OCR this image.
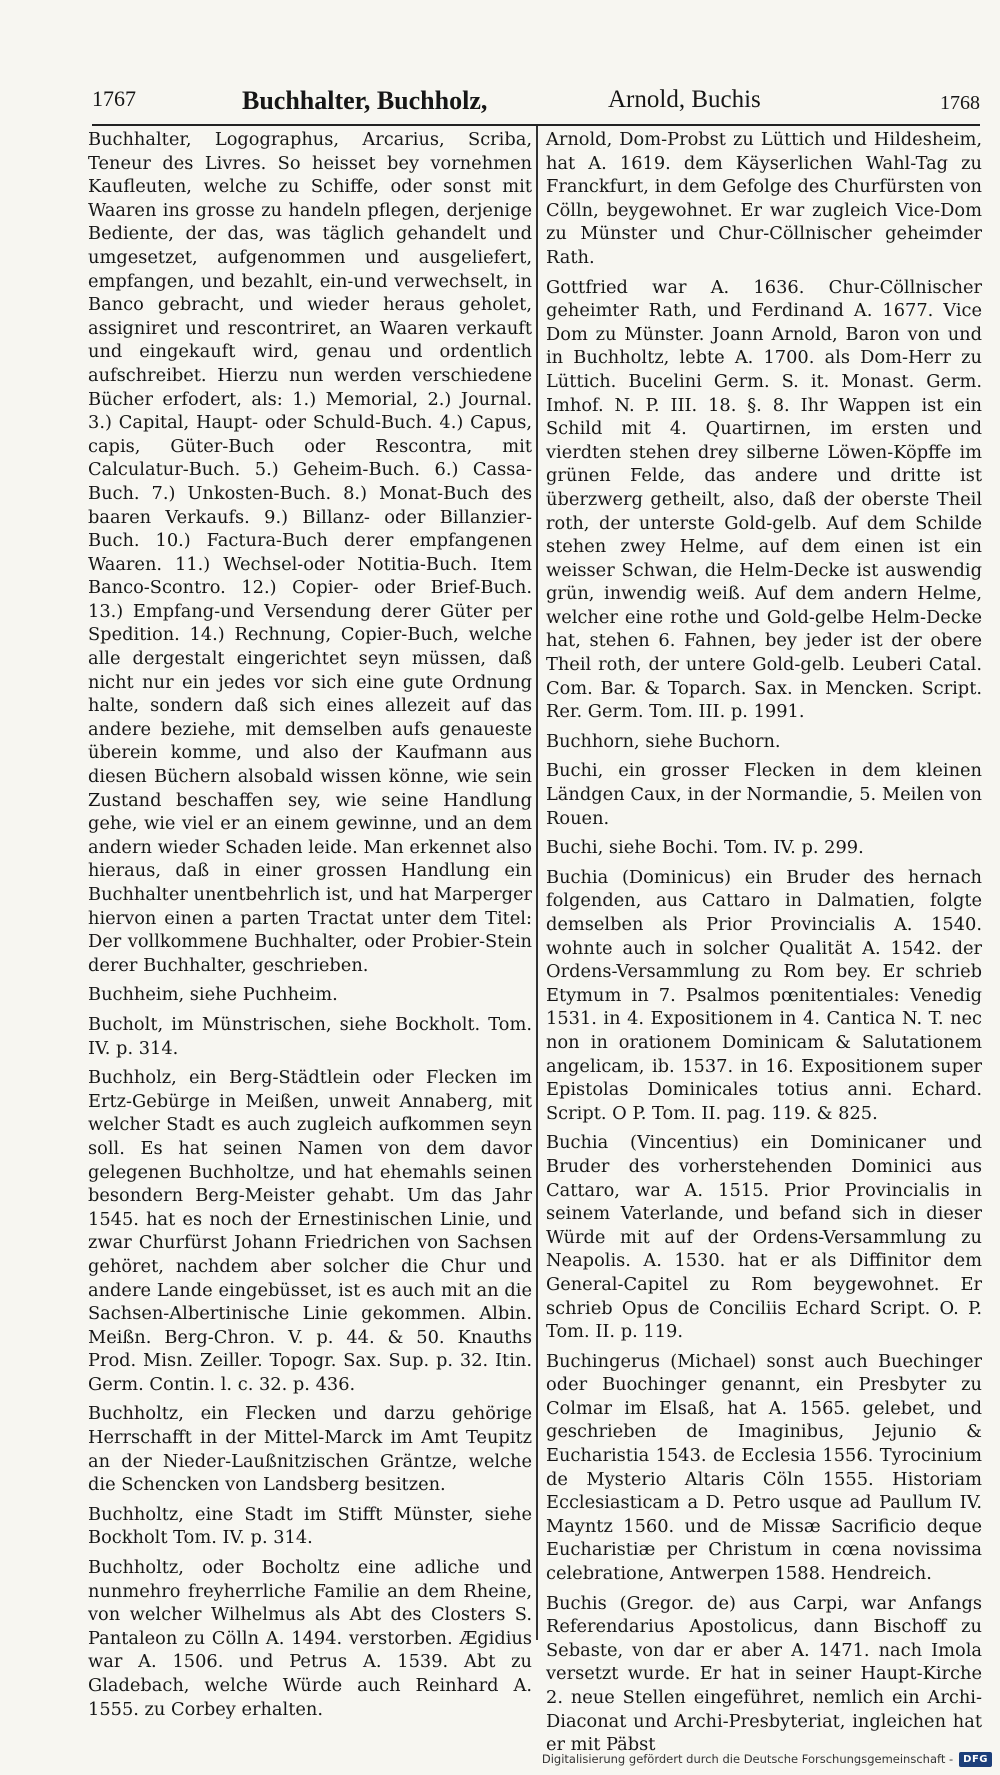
1767	Buchhalter, Buchholz,	Arnold, Buchis	1768

Buchhalter, Logographus, Arcarius, Scriba, Teneur des Livres. So heisset bey vornehmen Kaufleuten, welche zu Schiffe, oder sonst mit Waaren ins grosse zu handeln pflegen, derjenige Bediente, der das, was täglich gehandelt und umgesetzet, aufgenommen und ausgeliefert, empfangen, und bezahlt, ein-und verwechselt, in Banco gebracht, und wieder heraus geholet, assigniret und rescontriret, an Waaren verkauft und eingekauft wird, genau und ordentlich aufschreibet. Hierzu nun werden verschiedene Bücher erfodert, als: 1.) Memorial, 2.) Journal. 3.) Capital, Haupt- oder Schuld-Buch. 4.) Capus, capis, Güter-Buch oder Rescontra, mit Calculatur-Buch. 5.) Geheim-Buch. 6.) Cassa-Buch. 7.) Unkosten-Buch. 8.) Monat-Buch des baaren Verkaufs. 9.) Billanz- oder Billanzier-Buch. 10.) Factura-Buch derer empfangenen Waaren. 11.) Wechsel-oder Notitia-Buch. Item Banco-Scontro. 12.) Copier- oder Brief-Buch. 13.) Empfang-und Versendung derer Güter per Spedition. 14.) Rechnung, Copier-Buch, welche alle dergestalt eingerichtet seyn müssen, daß nicht nur ein jedes vor sich eine gute Ordnung halte, sondern daß sich eines allezeit auf das andere beziehe, mit demselben aufs genaueste überein komme, und also der Kaufmann aus diesen Büchern alsobald wissen könne, wie sein Zustand beschaffen sey, wie seine Handlung gehe, wie viel er an einem gewinne, und an dem andern wieder Schaden leide. Man erkennet also hieraus, daß in einer grossen Handlung ein Buchhalter unentbehrlich ist, und hat Marperger hiervon einen a parten Tractat unter dem Titel: Der vollkommene Buchhalter, oder Probier-Stein derer Buchhalter, geschrieben.

Buchheim, siehe Puchheim.

Bucholt, im Münstrischen, siehe Bockholt. Tom. IV. p. 314.

Buchholz, ein Berg-Städtlein oder Flecken im Ertz-Gebürge in Meißen, unweit Annaberg, mit welcher Stadt es auch zugleich aufkommen seyn soll. Es hat seinen Namen von dem davor gelegenen Buchholtze, und hat ehemahls seinen besondern Berg-Meister gehabt. Um das Jahr 1545. hat es noch der Ernestinischen Linie, und zwar Churfürst Johann Friedrichen von Sachsen gehöret, nachdem aber solcher die Chur und andere Lande eingebüsset, ist es auch mit an die Sachsen-Albertinische Linie gekommen. Albin. Meißn. Berg-Chron. V. p. 44. & 50. Knauths Prod. Misn. Zeiller. Topogr. Sax. Sup. p. 32. Itin. Germ. Contin. l. c. 32. p. 436.

Buchholtz, ein Flecken und darzu gehörige Herrschafft in der Mittel-Marck im Amt Teupitz an der Nieder-Laußnitzischen Gräntze, welche die Schencken von Landsberg besitzen.

Buchholtz, eine Stadt im Stifft Münster, siehe Bockholt Tom. IV. p. 314.

Buchholtz, oder Bocholtz eine adliche und nunmehro freyherrliche Familie an dem Rheine, von welcher Wilhelmus als Abt des Closters S. Pantaleon zu Cölln A. 1494. verstorben. Ægidius war A. 1506. und Petrus A. 1539. Abt zu Gladebach, welche Würde auch Reinhard A. 1555. zu Corbey erhalten.

Arnold, Dom-Probst zu Lüttich und Hildesheim, hat A. 1619. dem Käyserlichen Wahl-Tag zu Franckfurt, in dem Gefolge des Churfürsten von Cölln, beygewohnet. Er war zugleich Vice-Dom zu Münster und Chur-Cöllnischer geheimder Rath.

Gottfried war A. 1636. Chur-Cöllnischer geheimter Rath, und Ferdinand A. 1677. Vice Dom zu Münster. Joann Arnold, Baron von und in Buchholtz, lebte A. 1700. als Dom-Herr zu Lüttich. Bucelini Germ. S. it. Monast. Germ. Imhof. N. P. III. 18. §. 8. Ihr Wappen ist ein Schild mit 4. Quartirnen, im ersten und vierdten stehen drey silberne Löwen-Köpffe im grünen Felde, das andere und dritte ist überzwerg getheilt, also, daß der oberste Theil roth, der unterste Gold-gelb. Auf dem Schilde stehen zwey Helme, auf dem einen ist ein weisser Schwan, die Helm-Decke ist auswendig grün, inwendig weiß. Auf dem andern Helme, welcher eine rothe und Gold-gelbe Helm-Decke hat, stehen 6. Fahnen, bey jeder ist der obere Theil roth, der untere Gold-gelb. Leuberi Catal. Com. Bar. & Toparch. Sax. in Mencken. Script. Rer. Germ. Tom. III. p. 1991.

Buchhorn, siehe Buchorn.

Buchi, ein grosser Flecken in dem kleinen Ländgen Caux, in der Normandie, 5. Meilen von Rouen.

Buchi, siehe Bochi. Tom. IV. p. 299.

Buchia (Dominicus) ein Bruder des hernach folgenden, aus Cattaro in Dalmatien, folgte demselben als Prior Provincialis A. 1540. wohnte auch in solcher Qualität A. 1542. der Ordens-Versammlung zu Rom bey. Er schrieb Etymum in 7. Psalmos pœnitentiales: Venedig 1531. in 4. Expositionem in 4. Cantica N. T. nec non in orationem Dominicam & Salutationem angelicam, ib. 1537. in 16. Expositionem super Epistolas Dominicales totius anni. Echard. Script. O P. Tom. II. pag. 119. & 825.

Buchia (Vincentius) ein Dominicaner und Bruder des vorherstehenden Dominici aus Cattaro, war A. 1515. Prior Provincialis in seinem Vaterlande, und befand sich in dieser Würde mit auf der Ordens-Versammlung zu Neapolis. A. 1530. hat er als Diffinitor dem General-Capitel zu Rom beygewohnet. Er schrieb Opus de Conciliis Echard Script. O. P. Tom. II. p. 119.

Buchingerus (Michael) sonst auch Buechinger oder Buochinger genannt, ein Presbyter zu Colmar im Elsaß, hat A. 1565. gelebet, und geschrieben de Imaginibus, Jejunio & Eucharistia 1543. de Ecclesia 1556. Tyrocinium de Mysterio Altaris Cöln 1555. Historiam Ecclesiasticam a D. Petro usque ad Paullum IV. Mayntz 1560. und de Missæ Sacrificio deque Eucharistiæ per Christum in cœna novissima celebratione, Antwerpen 1588. Hendreich.

Buchis (Gregor. de) aus Carpi, war Anfangs Referendarius Apostolicus, dann Bischoff zu Sebaste, von dar er aber A. 1471. nach Imola versetzt wurde. Er hat in seiner Haupt-Kirche 2. neue Stellen eingeführet, nemlich ein Archi-Diaconat und Archi-Presbyteriat, ingleichen hat er mit Päbst

Digitalisierung gefördert durch die Deutsche Forschungsgemeinschaft -	DFG
